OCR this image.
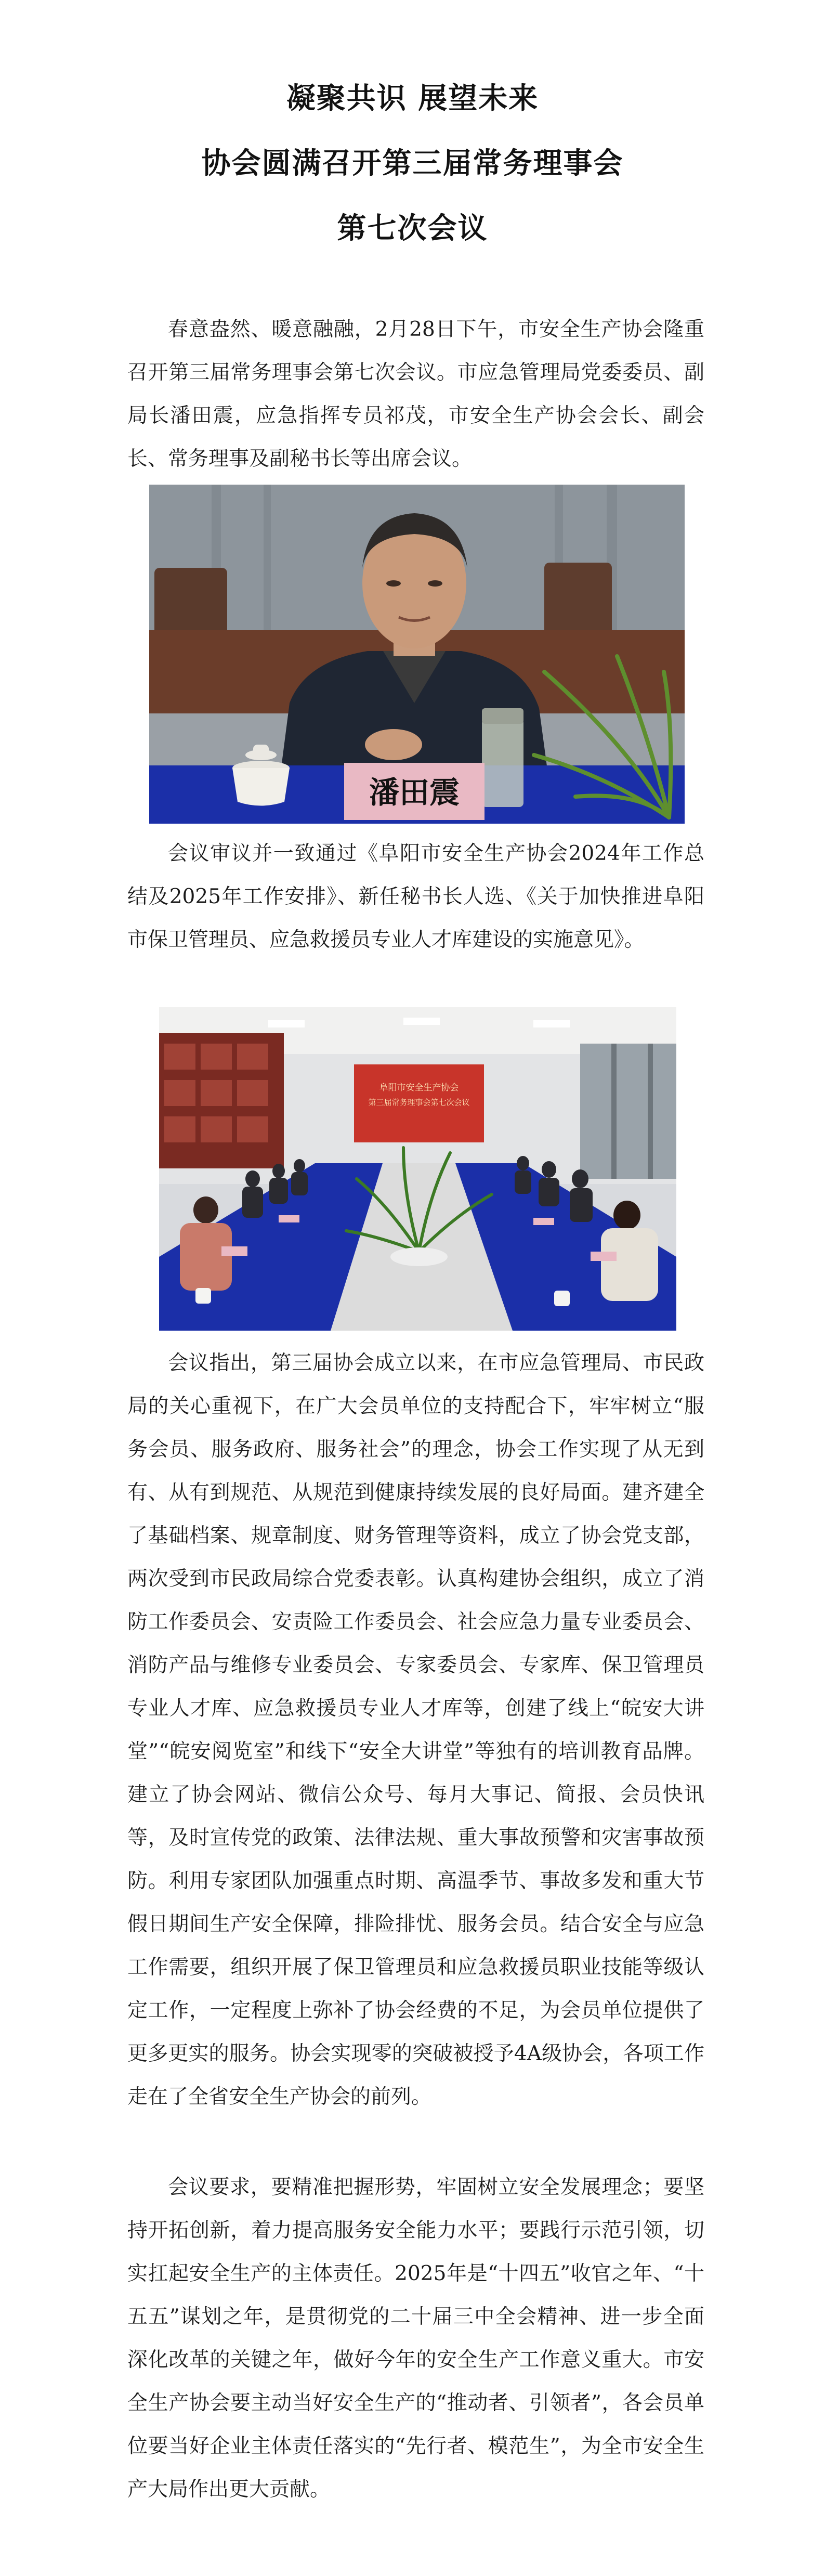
凝聚共识 展望未来
协会圆满召开第三届常务理事会
第七次会议

春意盎然、暖意融融，2月28日下午，市安全生产协会隆重召开第三届常务理事会第七次会议。市应急管理局党委委员、副局长潘田震，应急指挥专员祁茂，市安全生产协会会长、副会长、常务理事及副秘书长等出席会议。

潘田震

会议审议并一致通过《阜阳市安全生产协会2024年工作总结及2025年工作安排》、新任秘书长人选、《关于加快推进阜阳市保卫管理员、应急救援员专业人才库建设的实施意见》。

阜阳市安全生产协会
第三届常务理事会第七次会议

会议指出，第三届协会成立以来，在市应急管理局、市民政局的关心重视下，在广大会员单位的支持配合下，牢牢树立“服务会员、服务政府、服务社会”的理念，协会工作实现了从无到有、从有到规范、从规范到健康持续发展的良好局面。建齐建全了基础档案、规章制度、财务管理等资料，成立了协会党支部，两次受到市民政局综合党委表彰。认真构建协会组织，成立了消防工作委员会、安责险工作委员会、社会应急力量专业委员会、消防产品与维修专业委员会、专家委员会、专家库、保卫管理员专业人才库、应急救援员专业人才库等，创建了线上“皖安大讲堂”“皖安阅览室”和线下“安全大讲堂”等独有的培训教育品牌。建立了协会网站、微信公众号、每月大事记、简报、会员快讯等，及时宣传党的政策、法律法规、重大事故预警和灾害事故预防。利用专家团队加强重点时期、高温季节、事故多发和重大节假日期间生产安全保障，排险排忧、服务会员。结合安全与应急工作需要，组织开展了保卫管理员和应急救援员职业技能等级认定工作，一定程度上弥补了协会经费的不足，为会员单位提供了更多更实的服务。协会实现零的突破被授予4A级协会，各项工作走在了全省安全生产协会的前列。

会议要求，要精准把握形势，牢固树立安全发展理念；要坚持开拓创新，着力提高服务安全能力水平；要践行示范引领，切实扛起安全生产的主体责任。2025年是“十四五”收官之年、“十五五”谋划之年，是贯彻党的二十届三中全会精神、进一步全面深化改革的关键之年，做好今年的安全生产工作意义重大。市安全生产协会要主动当好安全生产的“推动者、引领者”，各会员单位要当好企业主体责任落实的“先行者、模范生”，为全市安全生产大局作出更大贡献。
